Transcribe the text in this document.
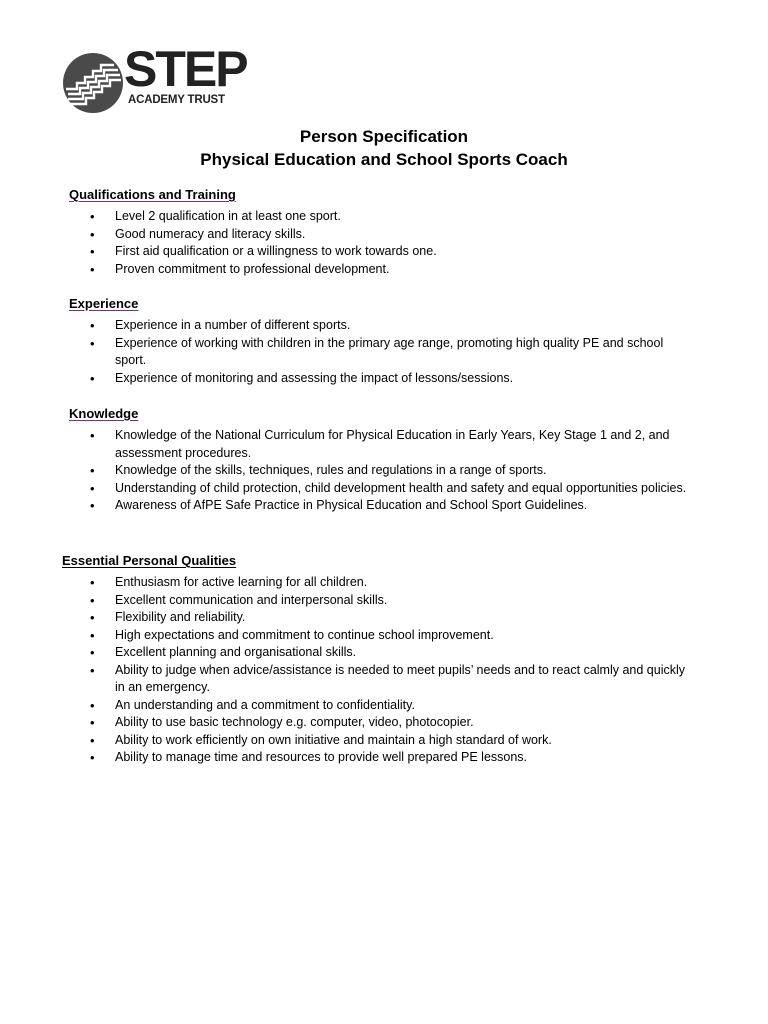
STEP
ACADEMY TRUST
Person Specification
Physical Education and School Sports Coach
Qualifications and Training
• Level 2 qualification in at least one sport.
• Good numeracy and literacy skills.
• First aid qualification or a willingness to work towards one.
• Proven commitment to professional development.
Experience
• Experience in a number of different sports.
• Experience of working with children in the primary age range, promoting high quality PE and school sport.
• Experience of monitoring and assessing the impact of lessons/sessions.
Knowledge
• Knowledge of the National Curriculum for Physical Education in Early Years, Key Stage 1 and 2, and assessment procedures.
• Knowledge of the skills, techniques, rules and regulations in a range of sports.
• Understanding of child protection, child development health and safety and equal opportunities policies.
• Awareness of AfPE Safe Practice in Physical Education and School Sport Guidelines.
Essential Personal Qualities
• Enthusiasm for active learning for all children.
• Excellent communication and interpersonal skills.
• Flexibility and reliability.
• High expectations and commitment to continue school improvement.
• Excellent planning and organisational skills.
• Ability to judge when advice/assistance is needed to meet pupils’ needs and to react calmly and quickly in an emergency.
• An understanding and a commitment to confidentiality.
• Ability to use basic technology e.g. computer, video, photocopier.
• Ability to work efficiently on own initiative and maintain a high standard of work.
• Ability to manage time and resources to provide well prepared PE lessons.
